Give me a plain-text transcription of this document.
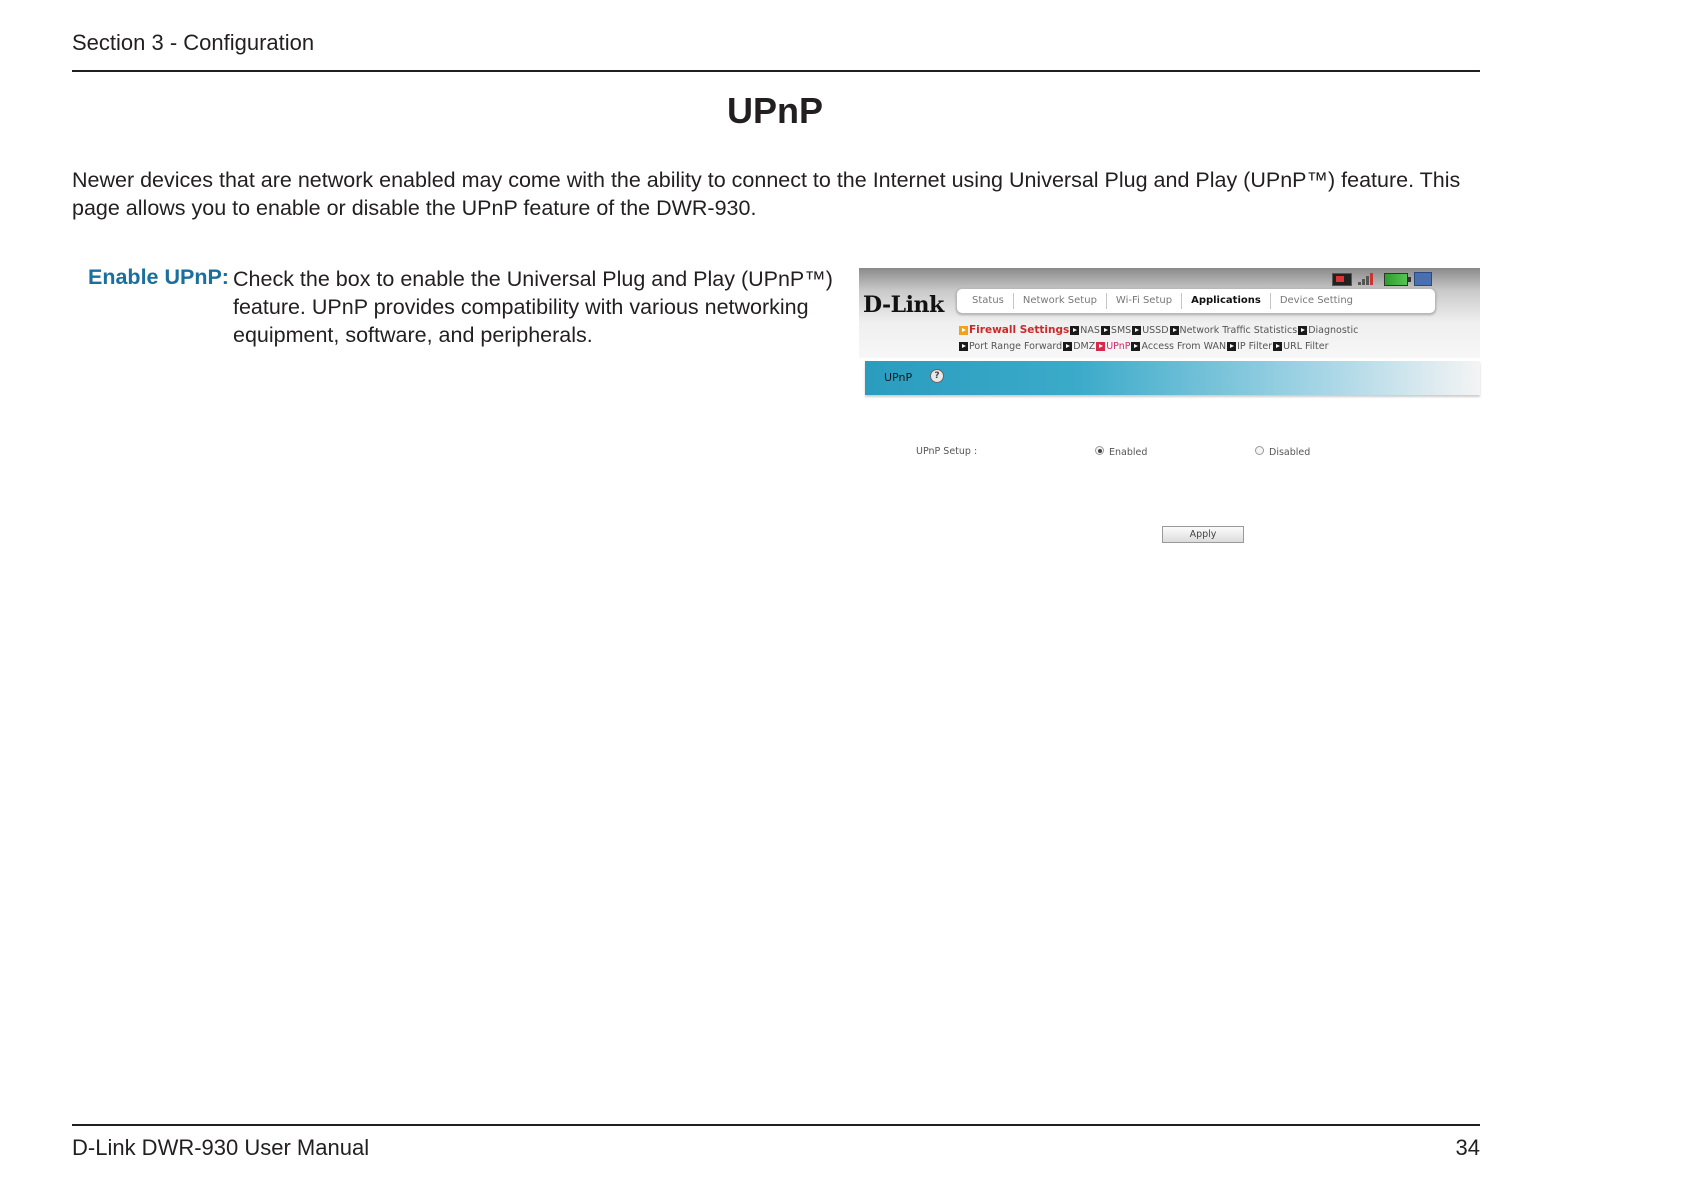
Section 3 - Configuration
UPnP
Newer devices that are network enabled may come with the ability to connect to the Internet using Universal Plug and Play (UPnP™) feature. This page allows you to enable or disable the UPnP feature of the DWR-930.
Enable UPnP: Check the box to enable the Universal Plug and Play (UPnP™) feature. UPnP provides compatibility with various networking equipment, software, and peripherals.
D-Link	Status	Network Setup	Wi-Fi Setup	Applications	Device Setting
Firewall Settings NAS SMS USSD Network Traffic Statistics Diagnostic
Port Range Forward DMZ UPnP Access From WAN IP Filter URL Filter
UPnP	?
UPnP Setup :	Enabled	Disabled
Apply
D-Link DWR-930 User Manual	34
